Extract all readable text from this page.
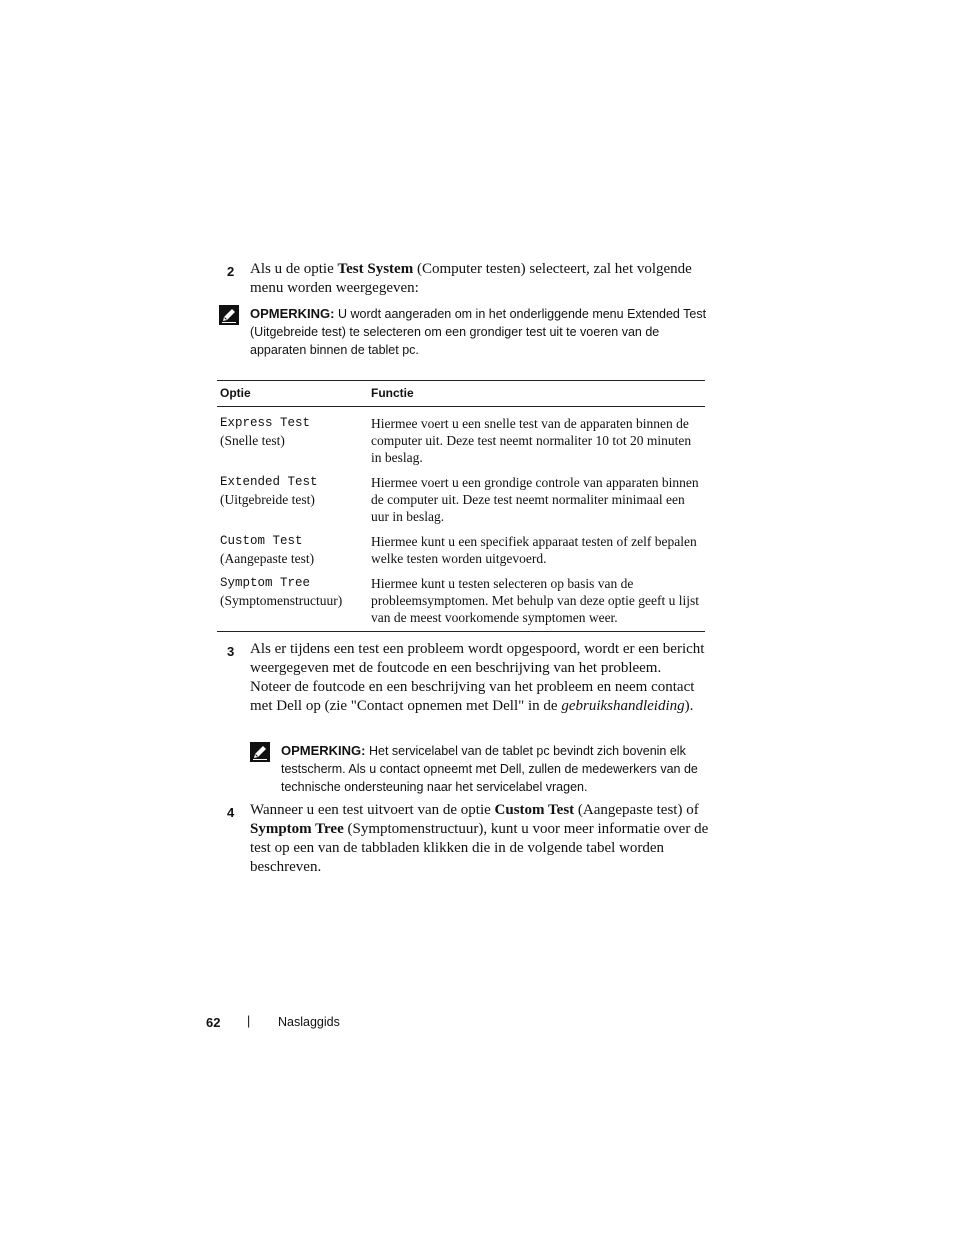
2 Als u de optie Test System (Computer testen) selecteert, zal het volgende menu worden weergegeven:
OPMERKING: U wordt aangeraden om in het onderliggende menu Extended Test (Uitgebreide test) te selecteren om een grondiger test uit te voeren van de apparaten binnen de tablet pc.
Optie	Functie

Express Test
(Snelle test)	Hiermee voert u een snelle test van de apparaten binnen de computer uit. Deze test neemt normaliter 10 tot 20 minuten in beslag.

Extended Test
(Uitgebreide test)	Hiermee voert u een grondige controle van apparaten binnen de computer uit. Deze test neemt normaliter minimaal een uur in beslag.

Custom Test
(Aangepaste test)	Hiermee kunt u een specifiek apparaat testen of zelf bepalen welke testen worden uitgevoerd.

Symptom Tree
(Symptomenstructuur)	Hiermee kunt u testen selecteren op basis van de probleemsymptomen. Met behulp van deze optie geeft u lijst van de meest voorkomende symptomen weer.
3 Als er tijdens een test een probleem wordt opgespoord, wordt er een bericht weergegeven met de foutcode en een beschrijving van het probleem. Noteer de foutcode en een beschrijving van het probleem en neem contact met Dell op (zie "Contact opnemen met Dell" in de gebruikshandleiding).
OPMERKING: Het servicelabel van de tablet pc bevindt zich bovenin elk testscherm. Als u contact opneemt met Dell, zullen de medewerkers van de technische ondersteuning naar het servicelabel vragen.
4 Wanneer u een test uitvoert van de optie Custom Test (Aangepaste test) of Symptom Tree (Symptomenstructuur), kunt u voor meer informatie over de test op een van de tabbladen klikken die in de volgende tabel worden beschreven.
62 | Naslaggids
